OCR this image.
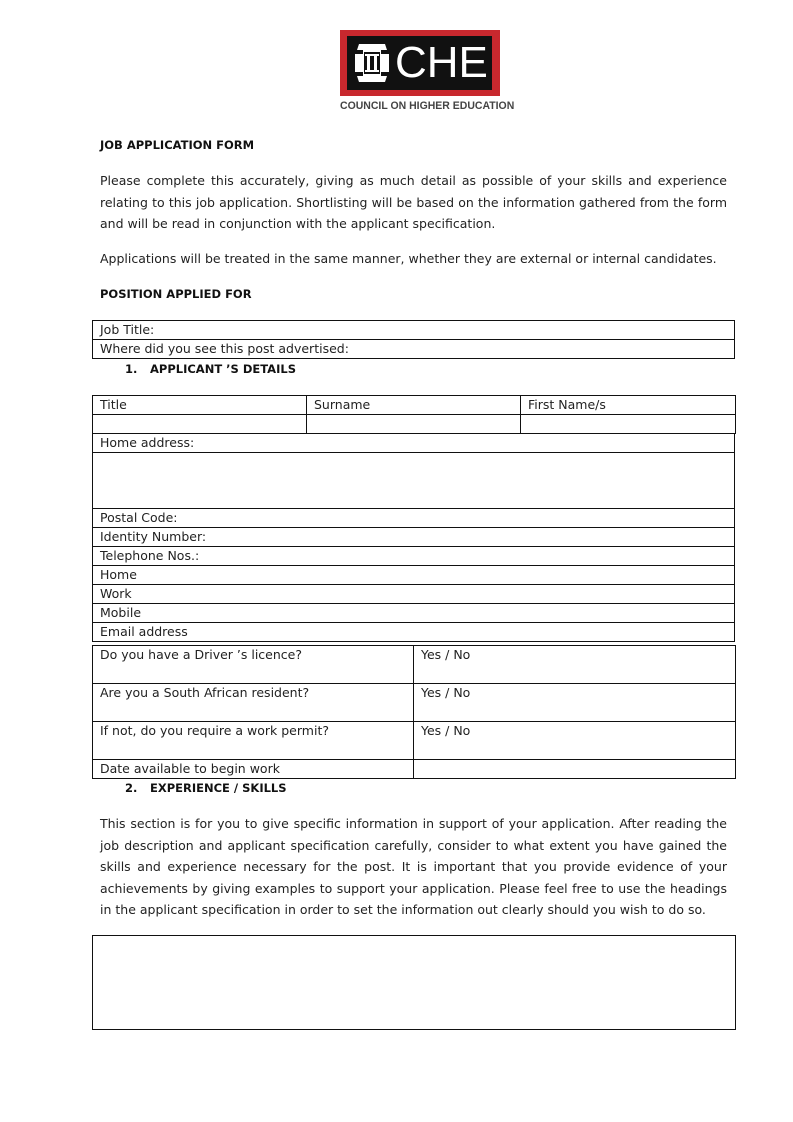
CHE
COUNCIL ON HIGHER EDUCATION
JOB APPLICATION FORM
Please complete this accurately, giving as much detail as possible of your skills and experience relating to this job application. Shortlisting will be based on the information gathered from the form and will be read in conjunction with the applicant specification.
Applications will be treated in the same manner, whether they are external or internal candidates.
POSITION APPLIED FOR
Job Title:
Where did you see this post advertised:
1. APPLICANT ’S DETAILS
Title	Surname	First Name/s

Home address:

Postal Code:
Identity Number:
Telephone Nos.:
Home
Work
Mobile
Email address
Do you have a Driver ’s licence?	Yes / No
Are you a South African resident?	Yes / No
If not, do you require a work permit?	Yes / No
Date available to begin work	
2. EXPERIENCE / SKILLS
This section is for you to give specific information in support of your application. After reading the job description and applicant specification carefully, consider to what extent you have gained the skills and experience necessary for the post. It is important that you provide evidence of your achievements by giving examples to support your application. Please feel free to use the headings in the applicant specification in order to set the information out clearly should you wish to do so.
